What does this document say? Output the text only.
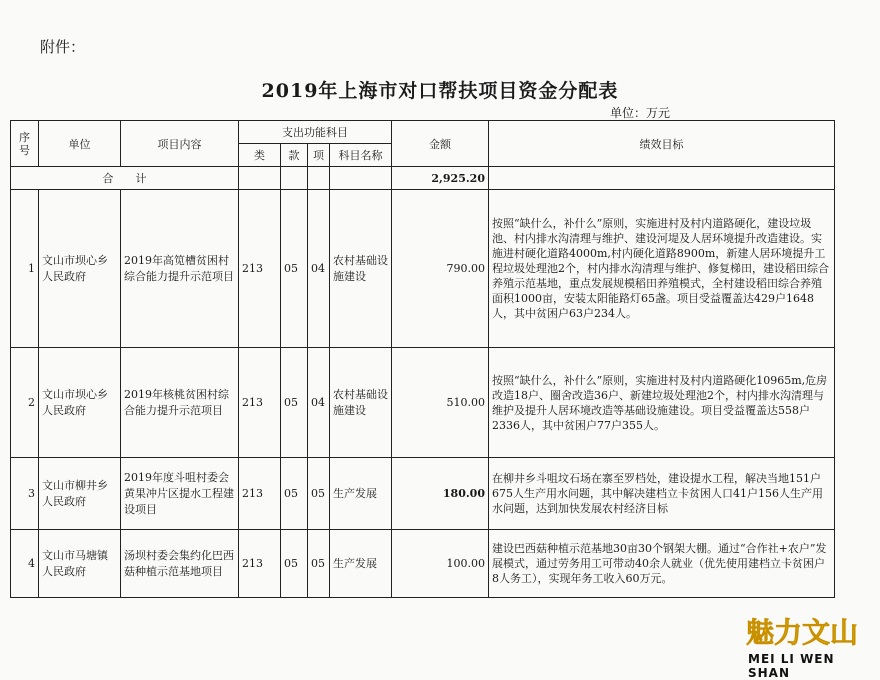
附件：
2019年上海市对口帮扶项目资金分配表
单位：万元
序号	单位	项目内容	支出功能科目				金额	绩效目标
			类	款	项	科目名称		
合　　计							2,925.20	
1	文山市坝心乡人民政府	2019年高笕槽贫困村综合能力提升示范项目	213	05	04	农村基础设施建设	790.00	按照“缺什么，补什么”原则，实施进村及村内道路硬化，建设垃圾池、村内排水沟清理与维护、建设河堤及人居环境提升改造建设。实施进村硬化道路4000m,村内硬化道路8900m，新建人居环境提升工程垃圾处理池2个，村内排水沟清理与维护、修复梯田，建设稻田综合养殖示范基地，重点发展规模稻田养殖模式，全村建设稻田综合养殖面积1000亩，安装太阳能路灯65盏。项目受益覆盖达429户1648人，其中贫困户63户234人。
2	文山市坝心乡人民政府	2019年核桃贫困村综合能力提升示范项目	213	05	04	农村基础设施建设	510.00	按照“缺什么，补什么”原则，实施进村及村内道路硬化10965m,危房改造18户、圈舍改造36户、新建垃圾处理池2个，村内排水沟清理与维护及提升人居环境改造等基础设施建设。项目受益覆盖达558户2336人，其中贫困户77户355人。
3	文山市柳井乡人民政府	2019年度斗咀村委会黄果冲片区提水工程建设项目	213	05	05	生产发展	180.00	在柳井乡斗咀坟石场在寨至罗档处，建设提水工程，解决当地151户675人生产用水问题，其中解决建档立卡贫困人口41户156人生产用水问题，达到加快发展农村经济目标
4	文山市马塘镇人民政府	汤坝村委会集约化巴西菇种植示范基地项目	213	05	05	生产发展	100.00	建设巴西菇种植示范基地30亩30个钢架大棚。通过“合作社+农户”发展模式，通过劳务用工可带动40余人就业（优先使用建档立卡贫困户8人务工），实现年务工收入60万元。
魅力文山
MEI LI WEN SHAN
